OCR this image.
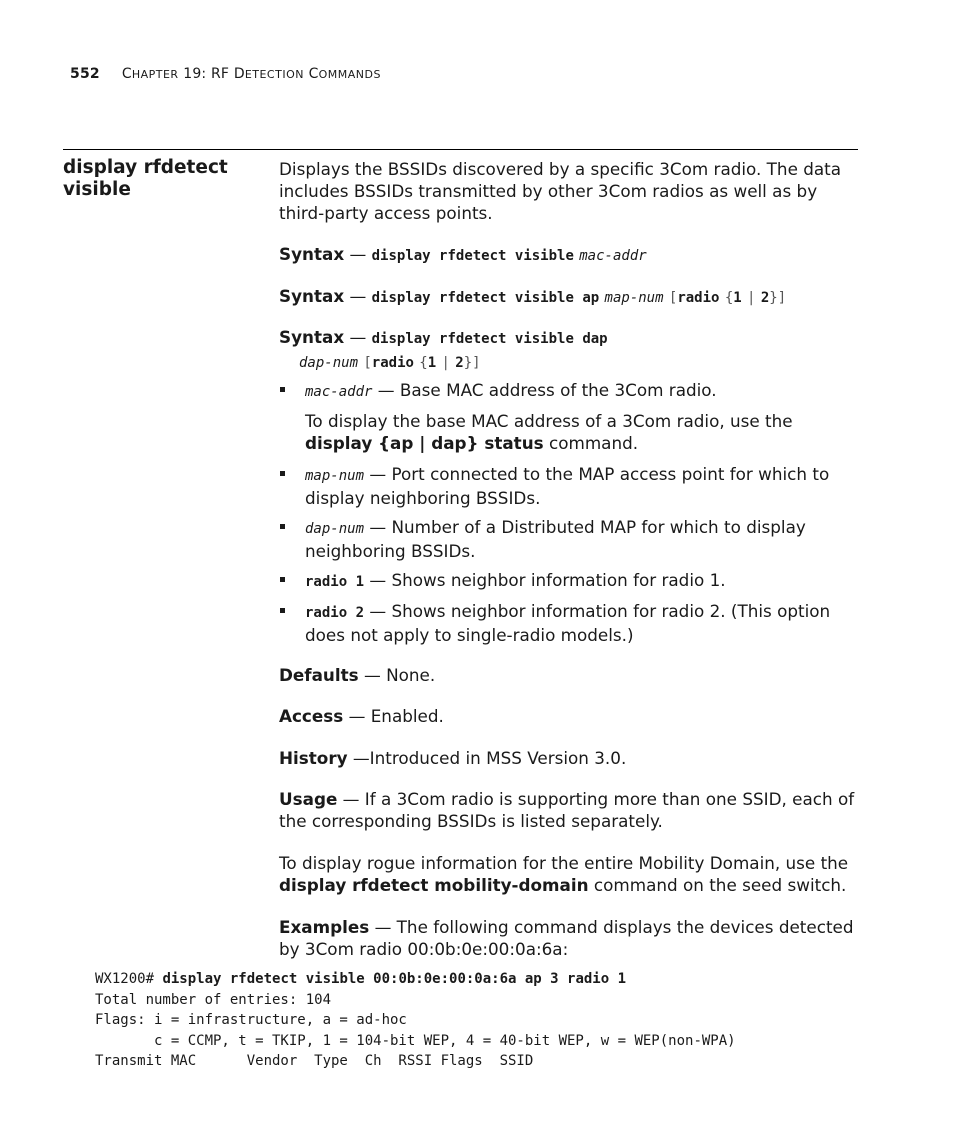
552 CHAPTER 19: RF DETECTION COMMANDS
display rfdetect
visible
Displays the BSSIDs discovered by a specific 3Com radio. The data includes BSSIDs transmitted by other 3Com radios as well as by third-party access points.
Syntax — display rfdetect visible mac-addr
Syntax — display rfdetect visible ap map-num [radio {1 | 2}]
Syntax — display rfdetect visible dap
dap-num [radio {1 | 2}]
mac-addr — Base MAC address of the 3Com radio.
To display the base MAC address of a 3Com radio, use the display {ap | dap} status command.
map-num — Port connected to the MAP access point for which to display neighboring BSSIDs.
dap-num — Number of a Distributed MAP for which to display neighboring BSSIDs.
radio 1 — Shows neighbor information for radio 1.
radio 2 — Shows neighbor information for radio 2. (This option does not apply to single-radio models.)
Defaults — None.
Access — Enabled.
History —Introduced in MSS Version 3.0.
Usage — If a 3Com radio is supporting more than one SSID, each of the corresponding BSSIDs is listed separately.
To display rogue information for the entire Mobility Domain, use the display rfdetect mobility-domain command on the seed switch.
Examples — The following command displays the devices detected by 3Com radio 00:0b:0e:00:0a:6a:
WX1200# display rfdetect visible 00:0b:0e:00:0a:6a ap 3 radio 1
Total number of entries: 104
Flags: i = infrastructure, a = ad-hoc
c = CCMP, t = TKIP, 1 = 104-bit WEP, 4 = 40-bit WEP, w = WEP(non-WPA)
Transmit MAC      Vendor  Type  Ch  RSSI Flags  SSID
